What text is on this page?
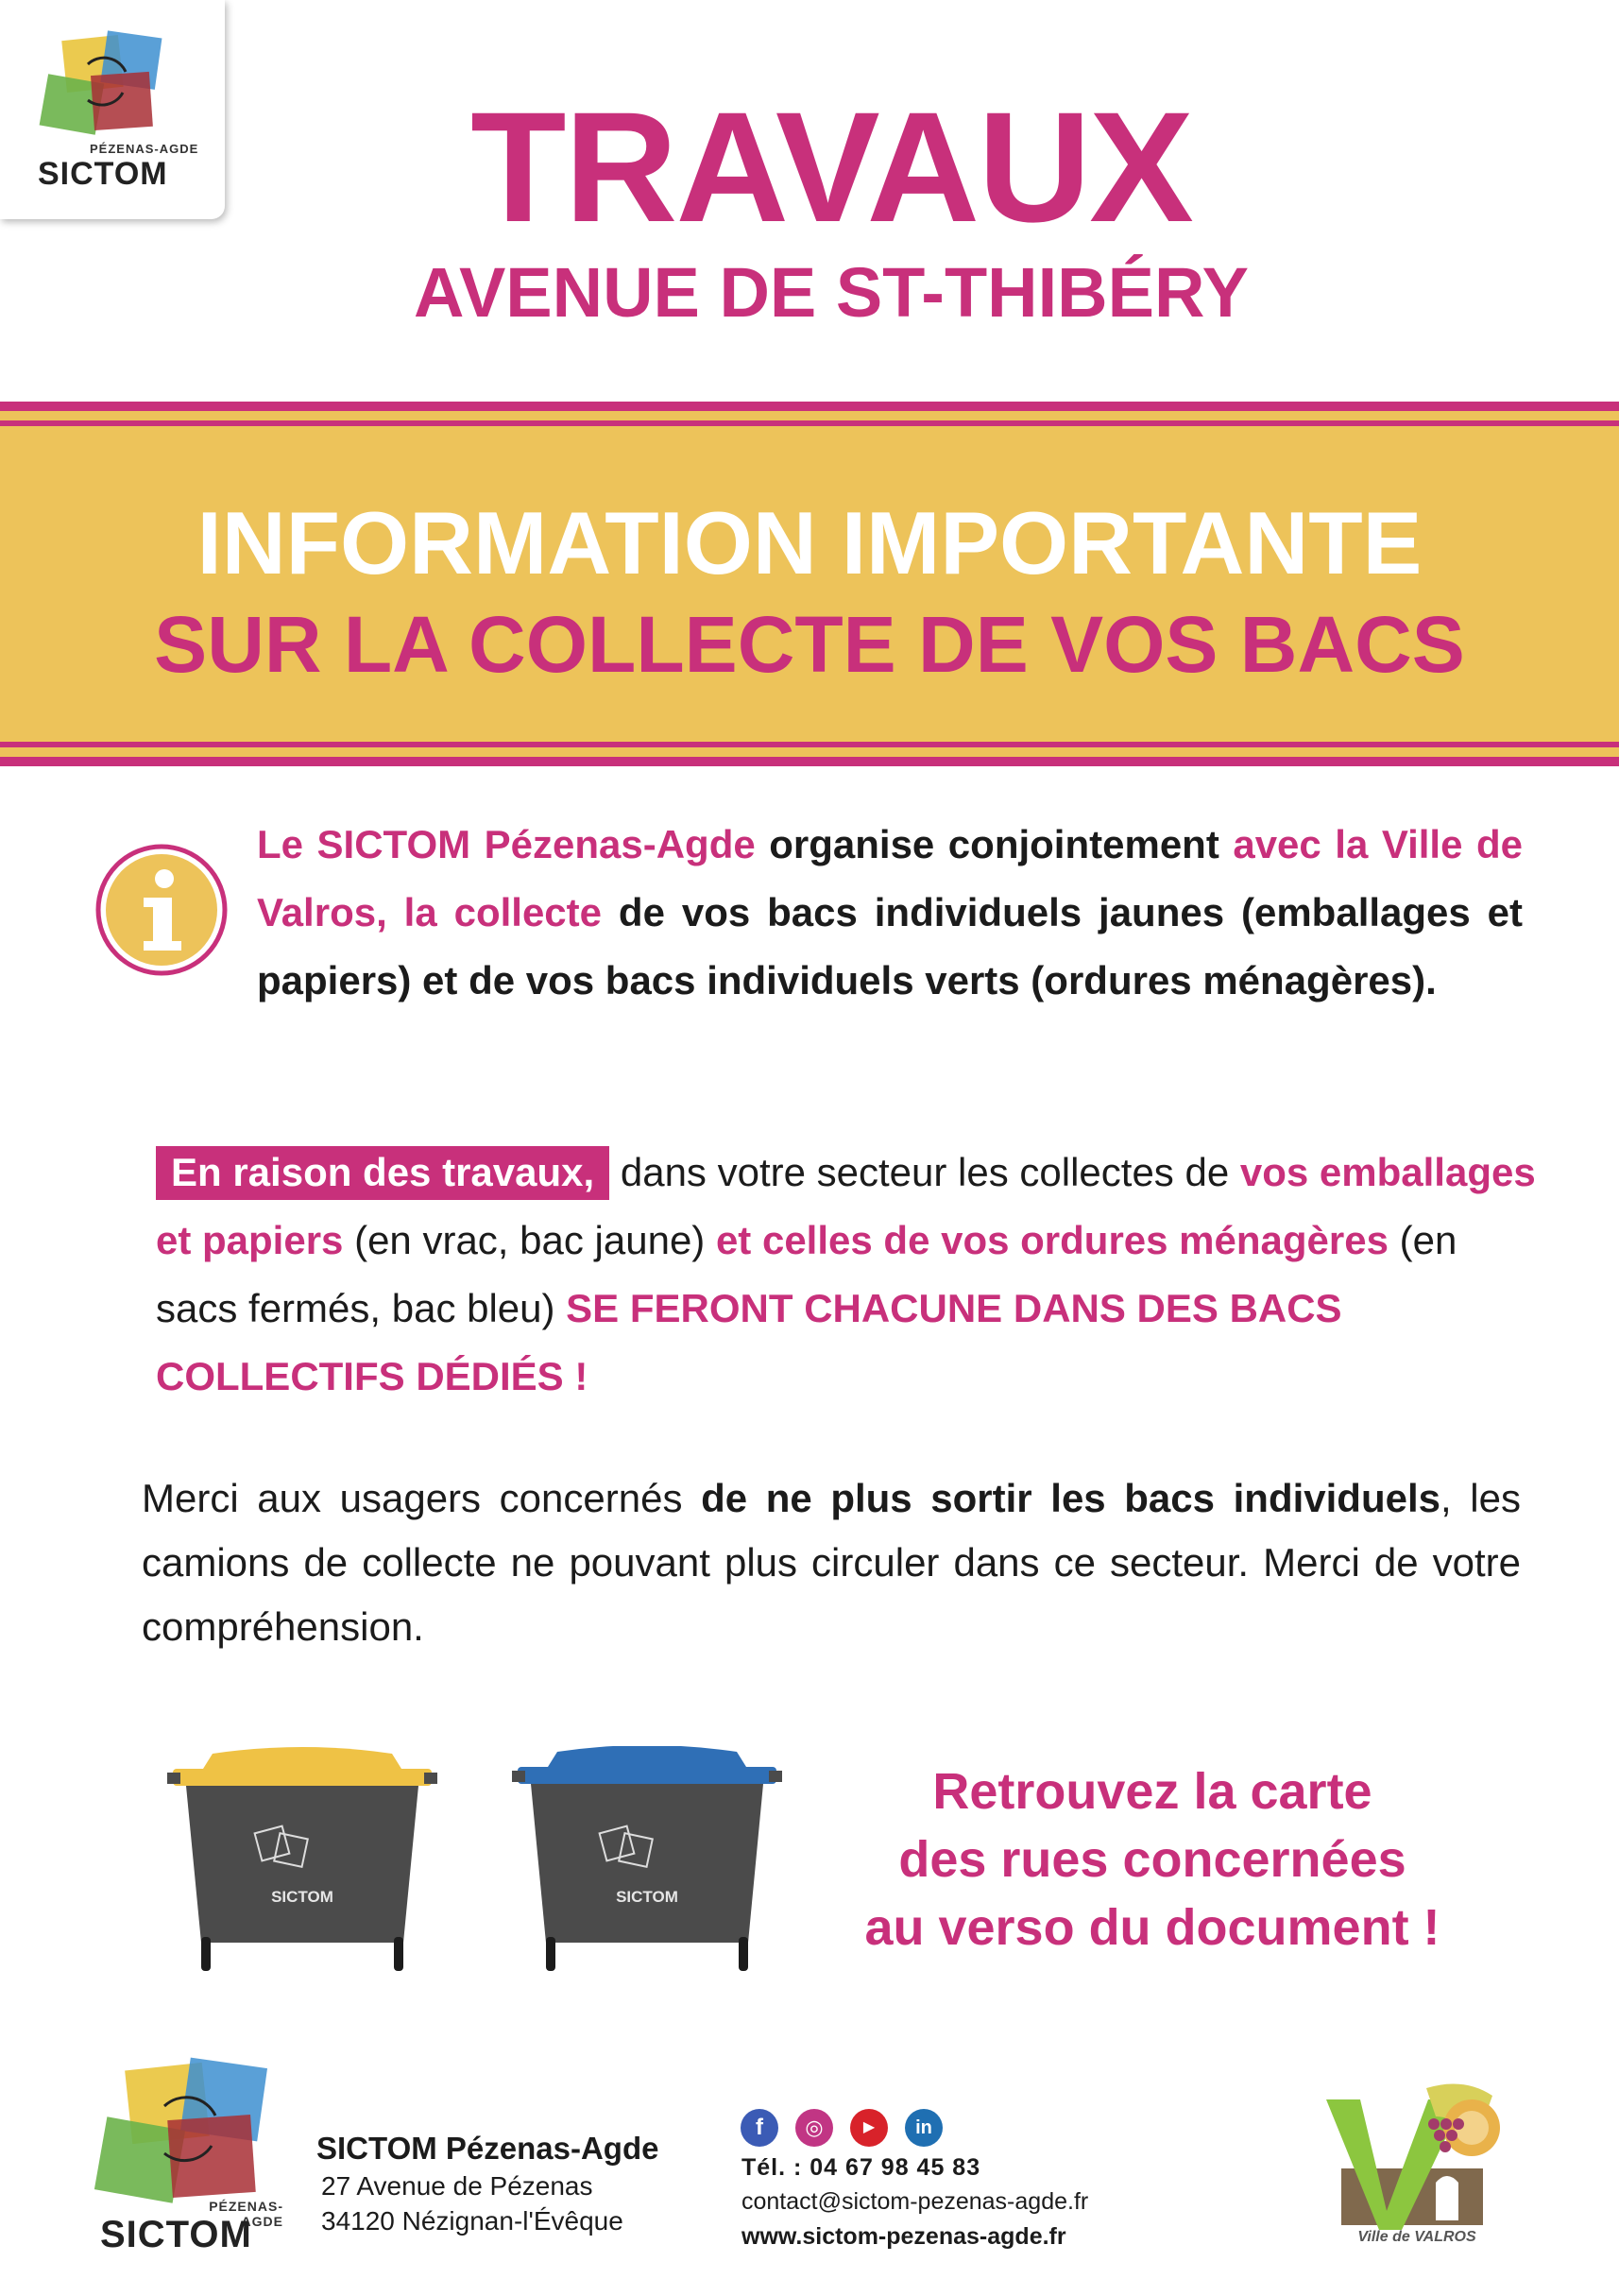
PÉZENAS-AGDE
SICTOM	TRAVAUX
AVENUE DE ST-THIBÉRY
INFORMATION IMPORTANTE
SUR LA COLLECTE DE VOS BACS
Le SICTOM Pézenas-Agde organise conjointement avec la Ville de Valros, la collecte de vos bacs individuels jaunes (emballages et papiers) et de vos bacs individuels verts (ordures ménagères).
En raison des travaux, dans votre secteur les collectes de vos emballages et papiers (en vrac, bac jaune) et celles de vos ordures ménagères (en sacs fermés, bac bleu) SE FERONT CHACUNE DANS DES BACS COLLECTIFS DÉDIÉS !
Merci aux usagers concernés de ne plus sortir les bacs individuels, les camions de collecte ne pouvant plus circuler dans ce secteur. Merci de votre compréhension.
SICTOM	SICTOM
Retrouvez la carte
des rues concernées
au verso du document !
PÉZENAS-AGDE
SICTOM
SICTOM Pézenas-Agde
27 Avenue de Pézenas
34120 Nézignan-l'Évêque
f	◎	▶	in
Tél. : 04 67 98 45 83
contact@sictom-pezenas-agde.fr
www.sictom-pezenas-agde.fr	Ville de VALROS
